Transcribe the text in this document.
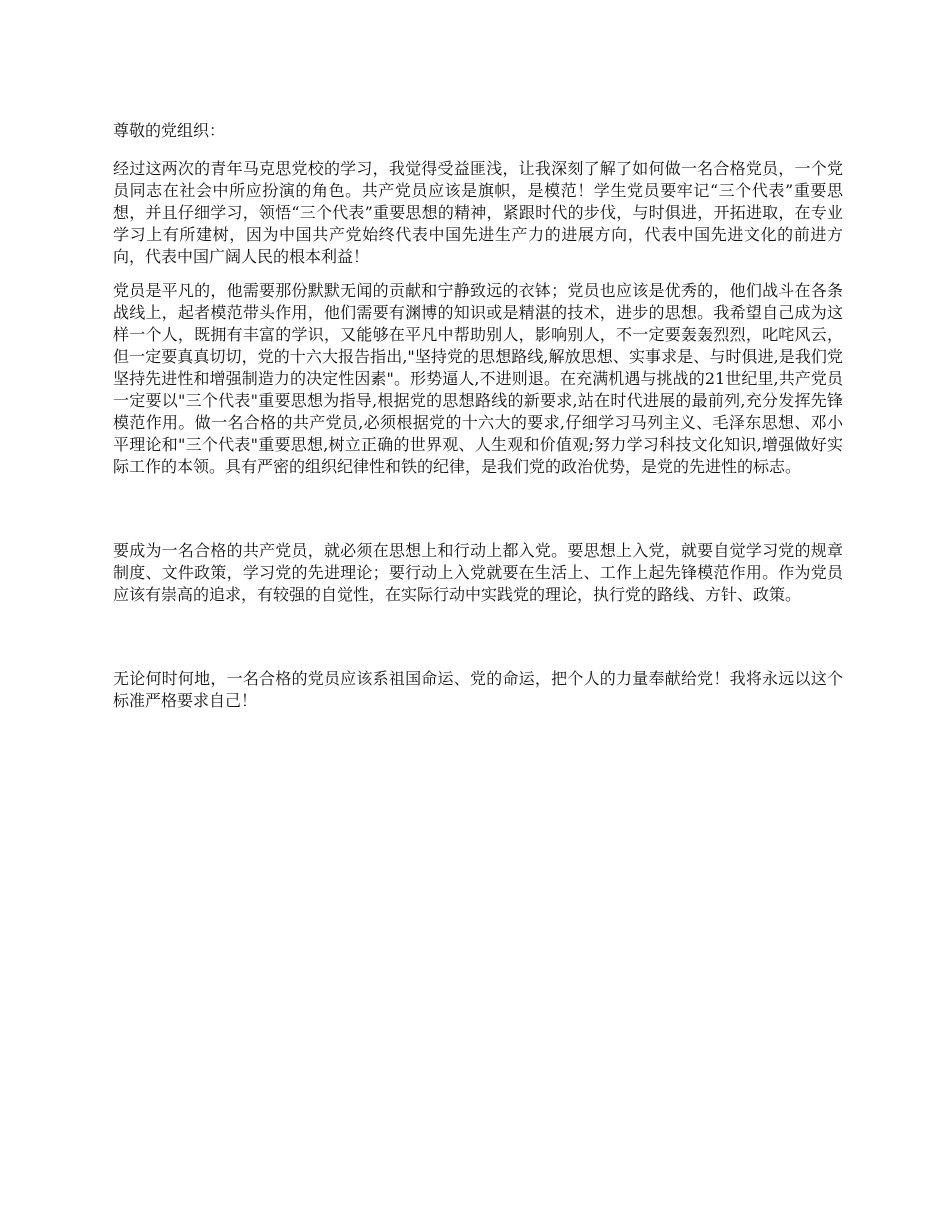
尊敬的党组织：

经过这两次的青年马克思党校的学习，我觉得受益匪浅，让我深刻了解了如何做一名合格党员，一个党员同志在社会中所应扮演的角色。共产党员应该是旗帜，是模范！学生党员要牢记“三个代表”重要思想，并且仔细学习，领悟“三个代表”重要思想的精神，紧跟时代的步伐，与时俱进，开拓进取，在专业学习上有所建树，因为中国共产党始终代表中国先进生产力的进展方向，代表中国先进文化的前进方向，代表中国广阔人民的根本利益！

党员是平凡的，他需要那份默默无闻的贡献和宁静致远的衣钵；党员也应该是优秀的，他们战斗在各条战线上，起者模范带头作用，他们需要有渊博的知识或是精湛的技术，进步的思想。我希望自己成为这样一个人，既拥有丰富的学识，又能够在平凡中帮助别人，影响别人，不一定要轰轰烈烈，叱咤风云，但一定要真真切切，党的十六大报告指出,"坚持党的思想路线,解放思想、实事求是、与时俱进,是我们党坚持先进性和增强制造力的决定性因素"。形势逼人,不进则退。在充满机遇与挑战的21世纪里,共产党员一定要以"三个代表"重要思想为指导,根据党的思想路线的新要求,站在时代进展的最前列,充分发挥先锋模范作用。做一名合格的共产党员,必须根据党的十六大的要求,仔细学习马列主义、毛泽东思想、邓小平理论和"三个代表"重要思想,树立正确的世界观、人生观和价值观;努力学习科技文化知识,增强做好实际工作的本领。具有严密的组织纪律性和铁的纪律，是我们党的政治优势，是党的先进性的标志。

要成为一名合格的共产党员，就必须在思想上和行动上都入党。要思想上入党，就要自觉学习党的规章制度、文件政策，学习党的先进理论；要行动上入党就要在生活上、工作上起先锋模范作用。作为党员应该有崇高的追求，有较强的自觉性，在实际行动中实践党的理论，执行党的路线、方针、政策。

无论何时何地，一名合格的党员应该系祖国命运、党的命运，把个人的力量奉献给党！我将永远以这个标准严格要求自己！
